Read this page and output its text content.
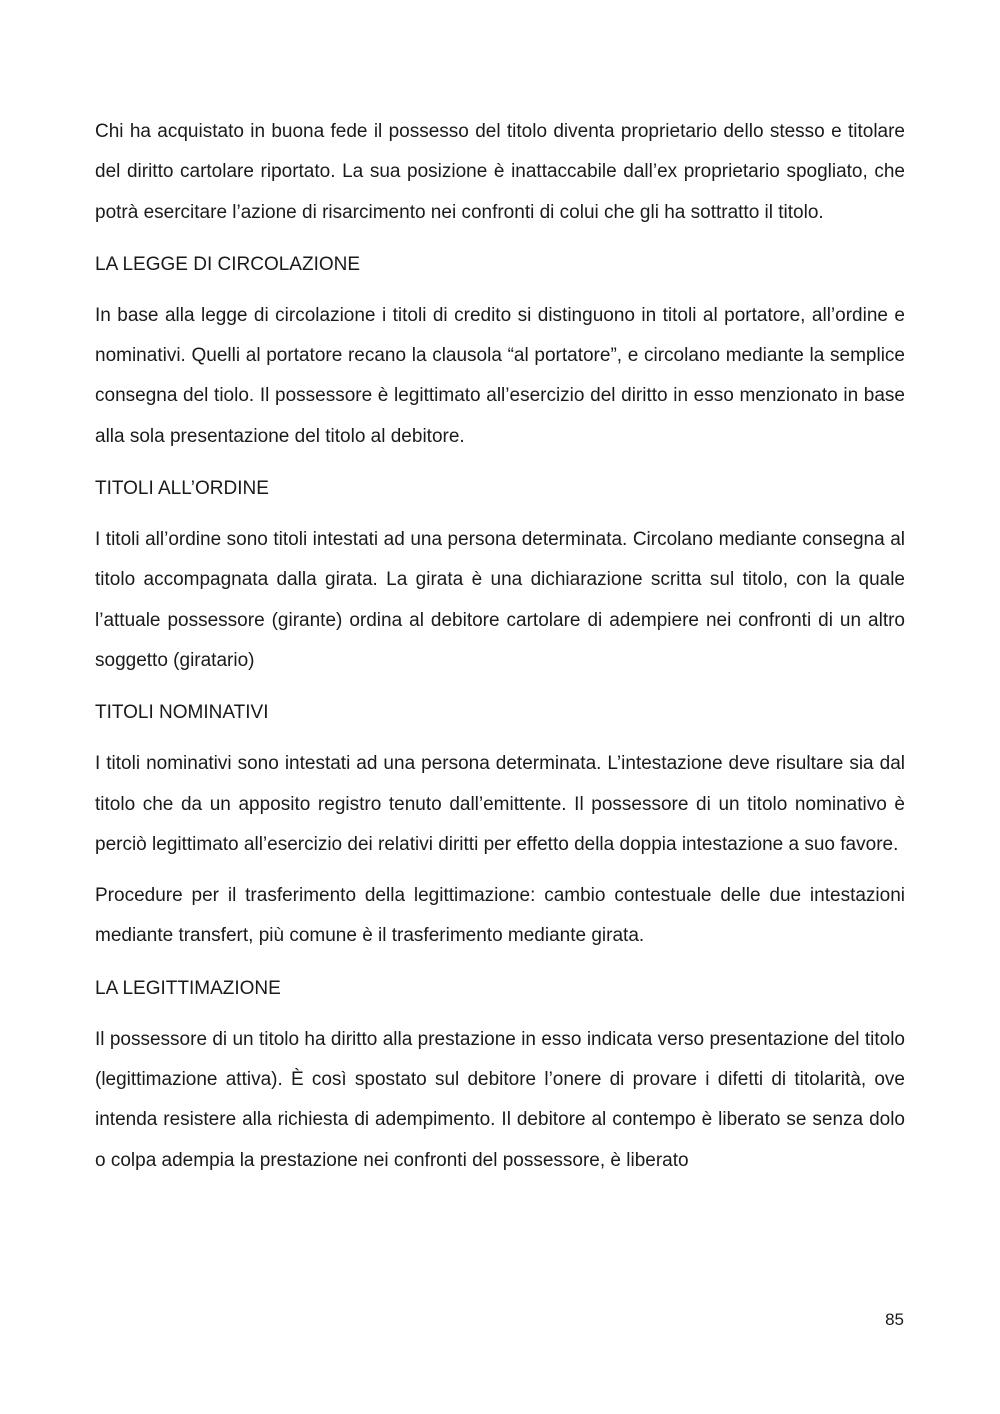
Chi ha acquistato in buona fede il possesso del titolo diventa proprietario dello stesso e titolare del diritto cartolare riportato. La sua posizione è inattaccabile dall’ex proprietario spogliato, che potrà esercitare l’azione di risarcimento nei confronti di colui che gli ha sottratto il titolo.

LA LEGGE DI CIRCOLAZIONE

In base alla legge di circolazione i titoli di credito si distinguono in titoli al portatore, all’ordine e nominativi. Quelli al portatore recano la clausola “al portatore”, e circolano mediante la semplice consegna del tiolo. Il possessore è legittimato all’esercizio del diritto in esso menzionato in base alla sola presentazione del titolo al debitore.

TITOLI ALL’ORDINE

I titoli all’ordine sono titoli intestati ad una persona determinata. Circolano mediante consegna al titolo accompagnata dalla girata. La girata è una dichiarazione scritta sul titolo, con la quale l’attuale possessore (girante) ordina al debitore cartolare di adempiere nei confronti di un altro soggetto (giratario)

TITOLI NOMINATIVI

I titoli nominativi sono intestati ad una persona determinata. L’intestazione deve risultare sia dal titolo che da un apposito registro tenuto dall’emittente. Il possessore di un titolo nominativo è perciò legittimato all’esercizio dei relativi diritti per effetto della doppia intestazione a suo favore.

Procedure per il trasferimento della legittimazione: cambio contestuale delle due intestazioni mediante transfert, più comune è il trasferimento mediante girata.

LA LEGITTIMAZIONE

Il possessore di un titolo ha diritto alla prestazione in esso indicata verso presentazione del titolo (legittimazione attiva). È così spostato sul debitore l’onere di provare i difetti di titolarità, ove intenda resistere alla richiesta di adempimento. Il debitore al contempo è liberato se senza dolo o colpa adempia la prestazione nei confronti del possessore, è liberato

85
